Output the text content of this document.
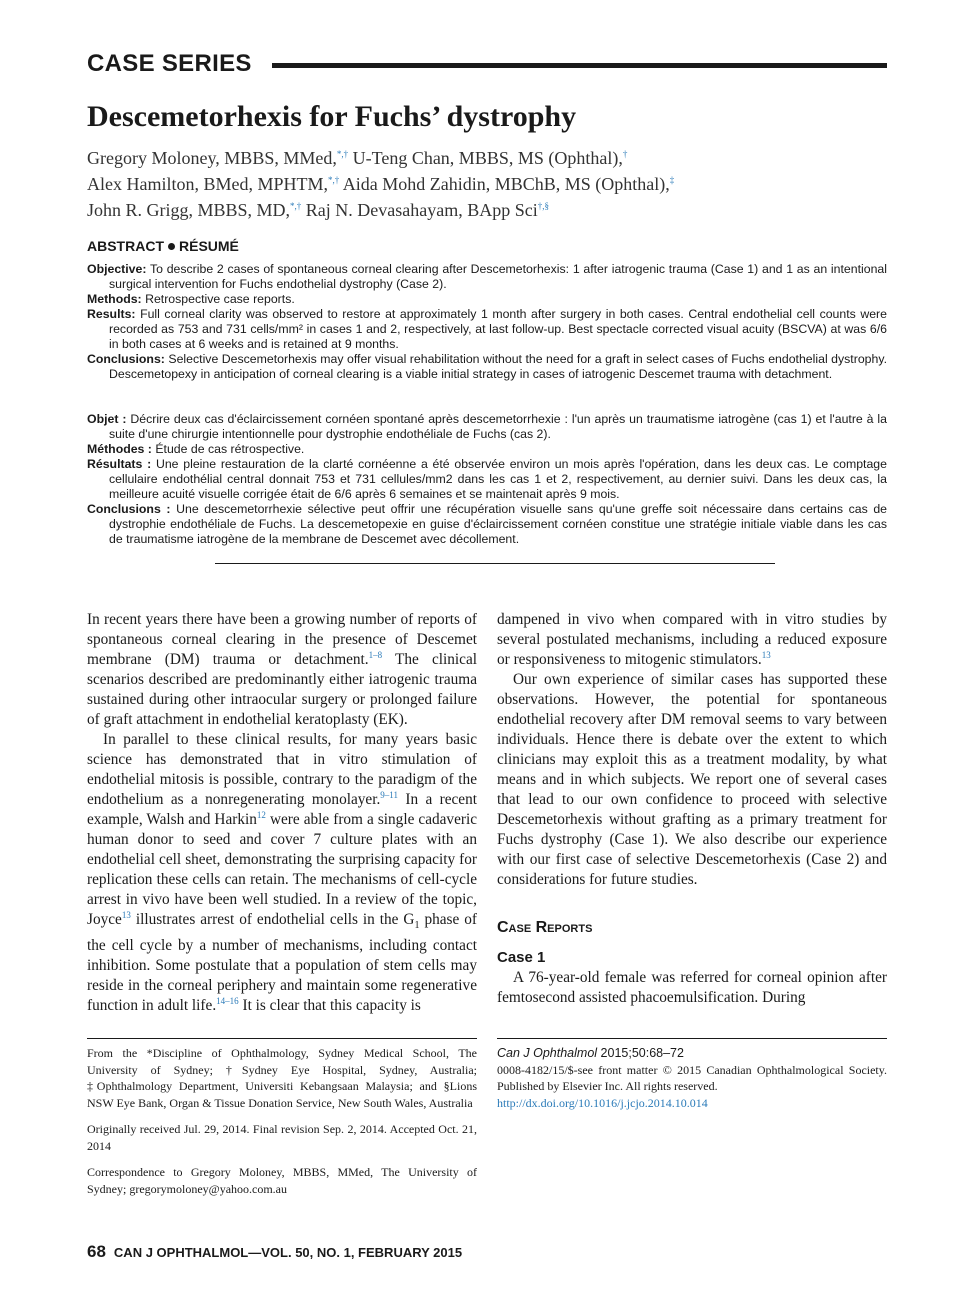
CASE SERIES
Descemetorhexis for Fuchs’ dystrophy
Gregory Moloney, MBBS, MMed,*,† U-Teng Chan, MBBS, MS (Ophthal),†
Alex Hamilton, BMed, MPHTM,*,† Aida Mohd Zahidin, MBChB, MS (Ophthal),‡
John R. Grigg, MBBS, MD,*,† Raj N. Devasahayam, BApp Sci†,§
ABSTRACT RÉSUMÉ

Objective: To describe 2 cases of spontaneous corneal clearing after Descemetorhexis: 1 after iatrogenic trauma (Case 1) and 1 as an intentional surgical intervention for Fuchs endothelial dystrophy (Case 2).

Methods: Retrospective case reports.

Results: Full corneal clarity was observed to restore at approximately 1 month after surgery in both cases. Central endothelial cell counts were recorded as 753 and 731 cells/mm² in cases 1 and 2, respectively, at last follow-up. Best spectacle corrected visual acuity (BSCVA) at was 6/6 in both cases at 6 weeks and is retained at 9 months.

Conclusions: Selective Descemetorhexis may offer visual rehabilitation without the need for a graft in select cases of Fuchs endothelial dystrophy. Descemetopexy in anticipation of corneal clearing is a viable initial strategy in cases of iatrogenic Descemet trauma with detachment.

Objet : Décrire deux cas d'éclaircissement cornéen spontané après descemetorrhexie : l'un après un traumatisme iatrogène (cas 1) et l'autre à la suite d'une chirurgie intentionnelle pour dystrophie endothéliale de Fuchs (cas 2).

Méthodes : Étude de cas rétrospective.

Résultats : Une pleine restauration de la clarté cornéenne a été observée environ un mois après l'opération, dans les deux cas. Le comptage cellulaire endothélial central donnait 753 et 731 cellules/mm2 dans les cas 1 et 2, respectivement, au dernier suivi. Dans les deux cas, la meilleure acuité visuelle corrigée était de 6/6 après 6 semaines et se maintenait après 9 mois.

Conclusions : Une descemetorrhexie sélective peut offrir une récupération visuelle sans qu'une greffe soit nécessaire dans certains cas de dystrophie endothéliale de Fuchs. La descemetopexie en guise d'éclaircissement cornéen constitue une stratégie initiale viable dans les cas de traumatisme iatrogène de la membrane de Descemet avec décollement.

In recent years there have been a growing number of reports of spontaneous corneal clearing in the presence of Descemet membrane (DM) trauma or detachment.$^{1-8}$ The clinical scenarios described are predominantly either iatrogenic trauma sustained during other intraocular surgery or prolonged failure of graft attachment in endothelial keratoplasty (EK).

In parallel to these clinical results, for many years basic science has demonstrated that in vitro stimulation of endothelial mitosis is possible, contrary to the paradigm of the endothelium as a nonregenerating monolayer.$^{9-11}$ In a recent example, Walsh and Harkin$^{12}$ were able from a single cadaveric human donor to seed and cover 7 culture plates with an endothelial cell sheet, demonstrating the surprising capacity for replication these cells can retain. The mechanisms of cell-cycle arrest in vivo have been well studied. In a review of the topic, Joyce$^{13}$ illustrates arrest of endothelial cells in the $G_1$ phase of the cell cycle by a number of mechanisms, including contact inhibition. Some postulate that a population of stem cells may reside in the corneal periphery and maintain some regenerative function in adult life.$^{14-16}$ It is clear that this capacity is

dampened in vivo when compared with in vitro studies by several postulated mechanisms, including a reduced exposure or responsiveness to mitogenic stimulators.$^{13}$

Our own experience of similar cases has supported these observations. However, the potential for spontaneous endothelial recovery after DM removal seems to vary between individuals. Hence there is debate over the extent to which clinicians may exploit this as a treatment modality, by what means and in which subjects. We report one of several cases that lead to our own confidence to proceed with selective Descemetorhexis without grafting as a primary treatment for Fuchs dystrophy (Case 1). We also describe our experience with our first case of selective Descemetorhexis (Case 2) and considerations for future studies.

Case Reports
Case 1

A 76-year-old female was referred for corneal opinion after femtosecond assisted phacoemulsification. During

From the *Discipline of Ophthalmology, Sydney Medical School, The University of Sydney; †Sydney Eye Hospital, Sydney, Australia; ‡Ophthalmology Department, Universiti Kebangsaan Malaysia; and §Lions NSW Eye Bank, Organ & Tissue Donation Service, New South Wales, Australia

Originally received Jul. 29, 2014. Final revision Sep. 2, 2014. Accepted Oct. 21, 2014

Correspondence to Gregory Moloney, MBBS, MMed, The University of Sydney; gregorymoloney@yahoo.com.au

Can J Ophthalmol 2015;50:68–72

0008-4182/15/$-see front matter © 2015 Canadian Ophthalmological Society. Published by Elsevier Inc. All rights reserved.

http://dx.doi.org/10.1016/j.jcjo.2014.10.014

68 CAN J OPHTHALMOL—VOL. 50, NO. 1, FEBRUARY 2015
